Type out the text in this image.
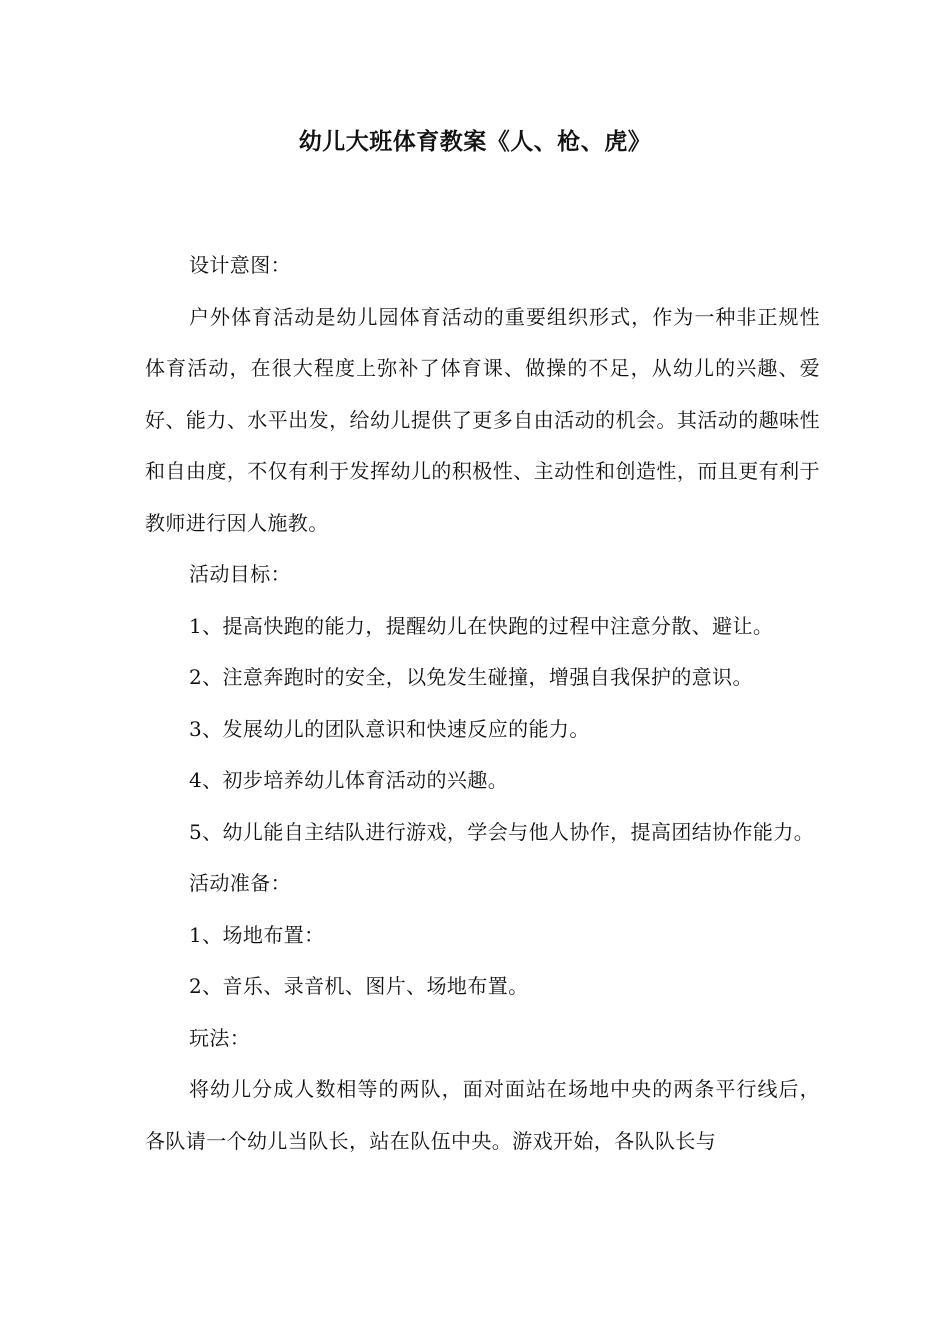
幼儿大班体育教案《人、枪、虎》

设计意图：

户外体育活动是幼儿园体育活动的重要组织形式，作为一种非正规性体育活动，在很大程度上弥补了体育课、做操的不足，从幼儿的兴趣、爱好、能力、水平出发，给幼儿提供了更多自由活动的机会。其活动的趣味性和自由度，不仅有利于发挥幼儿的积极性、主动性和创造性，而且更有利于教师进行因人施教。

活动目标：

1、提高快跑的能力，提醒幼儿在快跑的过程中注意分散、避让。

2、注意奔跑时的安全，以免发生碰撞，增强自我保护的意识。

3、发展幼儿的团队意识和快速反应的能力。

4、初步培养幼儿体育活动的兴趣。

5、幼儿能自主结队进行游戏，学会与他人协作，提高团结协作能力。

活动准备：

1、场地布置：

2、音乐、录音机、图片、场地布置。

玩法：

将幼儿分成人数相等的两队，面对面站在场地中央的两条平行线后，各队请一个幼儿当队长，站在队伍中央。游戏开始，各队队长与
